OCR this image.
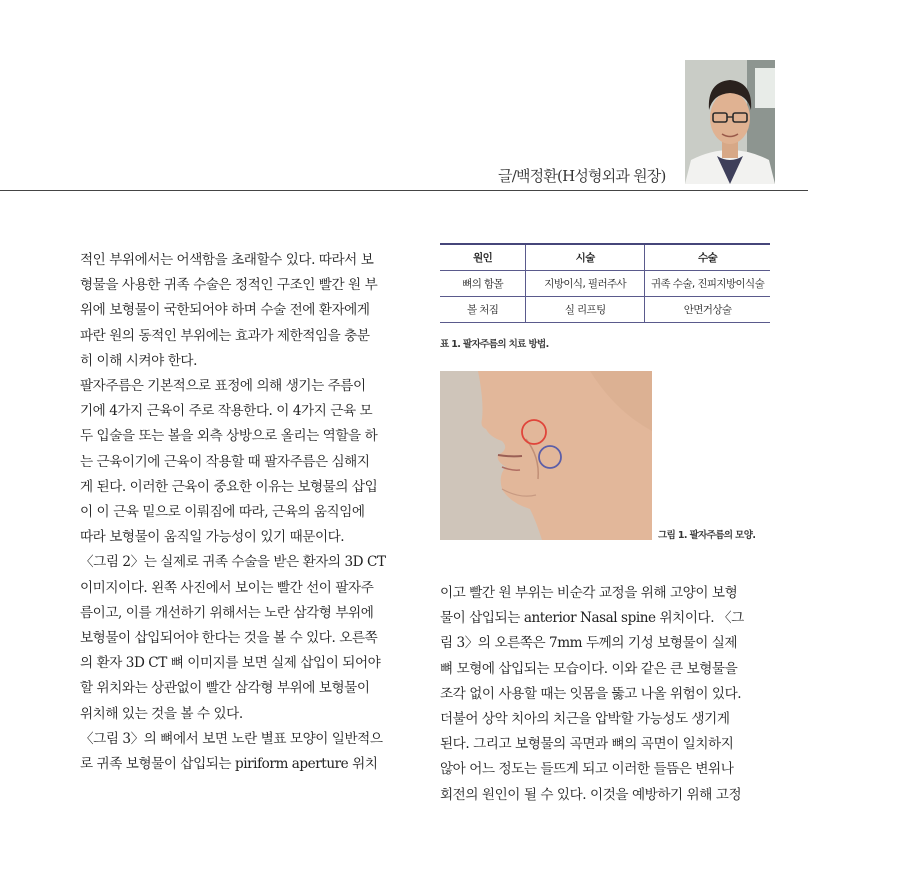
글/백정환(H성형외과 원장)

적인 부위에서는 어색함을 초래할수 있다. 따라서 보

형물을 사용한 귀족 수술은 정적인 구조인 빨간 원 부

위에 보형물이 국한되어야 하며 수술 전에 환자에게

파란 원의 동적인 부위에는 효과가 제한적임을 충분

히 이해 시켜야 한다.

팔자주름은 기본적으로 표정에 의해 생기는 주름이

기에 4가지 근육이 주로 작용한다. 이 4가지 근육 모

두 입술을 또는 볼을 외측 상방으로 올리는 역할을 하

는 근육이기에 근육이 작용할 때 팔자주름은 심해지

게 된다. 이러한 근육이 중요한 이유는 보형물의 삽입

이 이 근육 밑으로 이뤄짐에 따라, 근육의 움직임에

따라 보형물이 움직일 가능성이 있기 때문이다.

〈그림 2〉는 실제로 귀족 수술을 받은 환자의 3D CT

이미지이다. 왼쪽 사진에서 보이는 빨간 선이 팔자주

름이고, 이를 개선하기 위해서는 노란 삼각형 부위에

보형물이 삽입되어야 한다는 것을 볼 수 있다. 오른쪽

의 환자 3D CT 뼈 이미지를 보면 실제 삽입이 되어야

할 위치와는 상관없이 빨간 삼각형 부위에 보형물이

위치해 있는 것을 볼 수 있다.

〈그림 3〉의 뼈에서 보면 노란 별표 모양이 일반적으

로 귀족 보형물이 삽입되는 piriform aperture 위치

원인	시술	수술
뼈의 함몰	지방이식, 필러주사	귀족 수술, 진피지방이식술
볼 처짐	실 리프팅	안면거상술
표 1. 팔자주름의 치료 방법.
그림 1. 팔자주름의 모양.

이고 빨간 원 부위는 비순각 교정을 위해 고양이 보형

물이 삽입되는 anterior Nasal spine 위치이다. 〈그

림 3〉의 오른쪽은 7mm 두께의 기성 보형물이 실제

뼈 모형에 삽입되는 모습이다. 이와 같은 큰 보형물을

조각 없이 사용할 때는 잇몸을 뚫고 나올 위험이 있다.

더불어 상악 치아의 치근을 압박할 가능성도 생기게

된다. 그리고 보형물의 곡면과 뼈의 곡면이 일치하지

않아 어느 정도는 들뜨게 되고 이러한 들뜸은 변위나

회전의 원인이 될 수 있다. 이것을 예방하기 위해 고정
